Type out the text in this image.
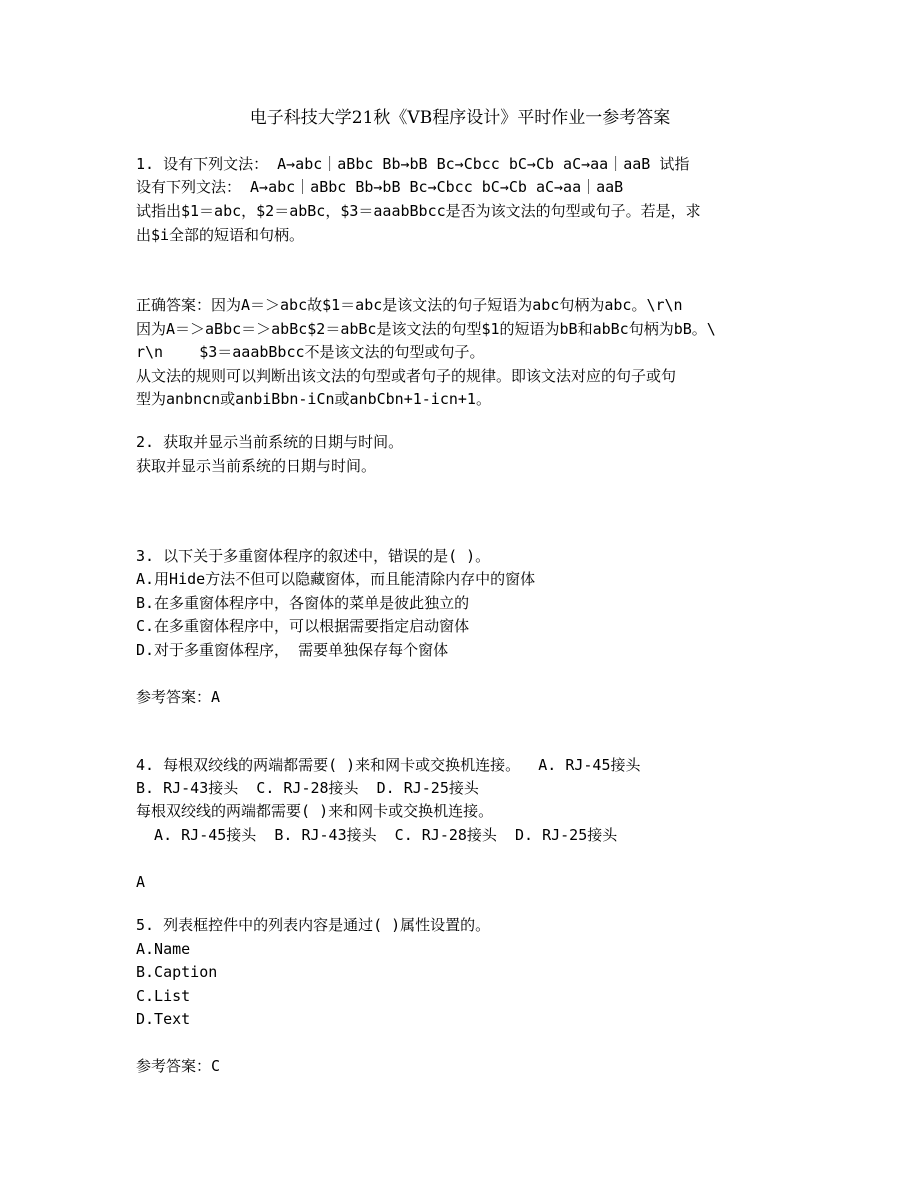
电子科技大学21秋《VB程序设计》平时作业一参考答案
1. 设有下列文法： A→abc｜aBbc Bb→bB Bc→Cbcc bC→Cb aC→aa｜aaB 试指
设有下列文法： A→abc｜aBbc Bb→bB Bc→Cbcc bC→Cb aC→aa｜aaB
试指出$1＝abc，$2＝abBc，$3＝aaabBbcc是否为该文法的句型或句子。若是，求
出$i全部的短语和句柄。
正确答案：因为A＝＞abc故$1＝abc是该文法的句子短语为abc句柄为abc。\r\n
因为A＝＞aBbc＝＞abBc$2＝abBc是该文法的句型$1的短语为bB和abBc句柄为bB。\
r\n    $3＝aaabBbcc不是该文法的句型或句子。
从文法的规则可以判断出该文法的句型或者句子的规律。即该文法对应的句子或句
型为anbncn或anbiBbn-iCn或anbCbn+1-icn+1。
2. 获取并显示当前系统的日期与时间。
获取并显示当前系统的日期与时间。
3. 以下关于多重窗体程序的叙述中，错误的是( )。
A.用Hide方法不但可以隐藏窗体，而且能清除内存中的窗体
B.在多重窗体程序中，各窗体的菜单是彼此独立的
C.在多重窗体程序中，可以根据需要指定启动窗体
D.对于多重窗体程序， 需要单独保存每个窗体
参考答案：A
4. 每根双绞线的两端都需要( )来和网卡或交换机连接。  A. RJ-45接头
B. RJ-43接头  C. RJ-28接头  D. RJ-25接头
每根双绞线的两端都需要( )来和网卡或交换机连接。
A. RJ-45接头  B. RJ-43接头  C. RJ-28接头  D. RJ-25接头
A
5. 列表框控件中的列表内容是通过( )属性设置的。
A.Name
B.Caption
C.List
D.Text
参考答案：C
